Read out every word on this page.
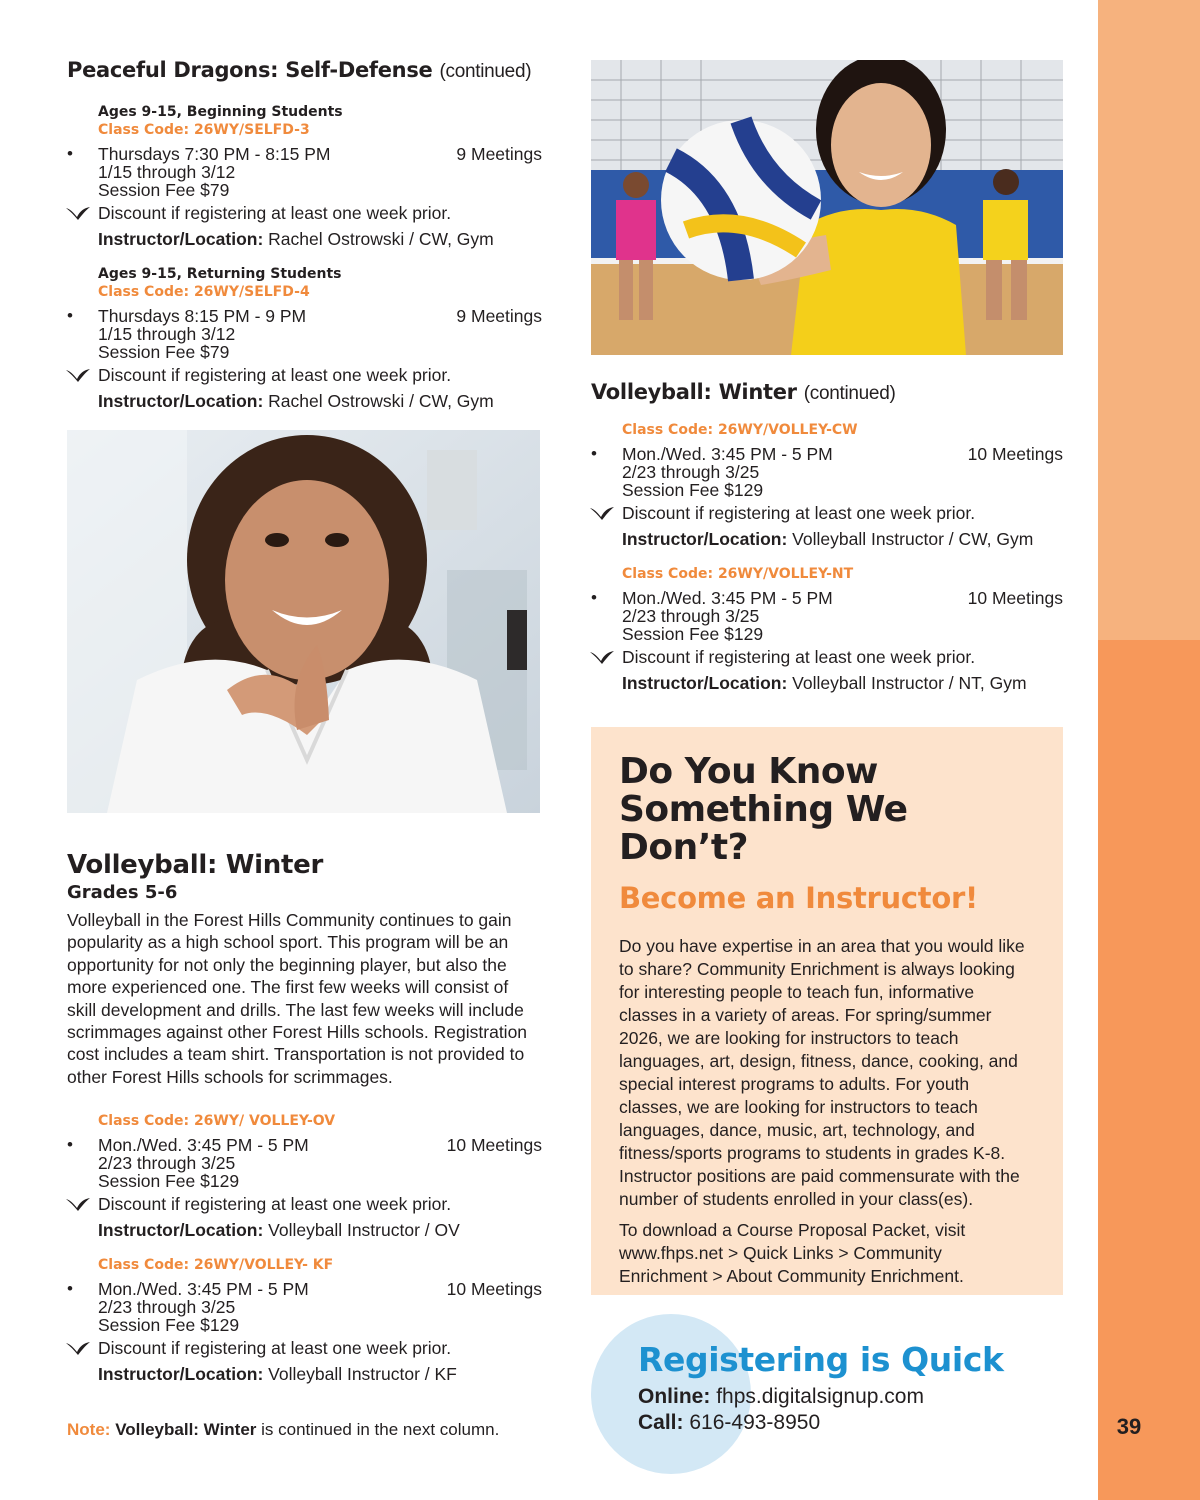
39
Peaceful Dragons: Self-Defense (continued)
Ages 9-15, Beginning Students
Class Code: 26WY/SELFD-3
• Thursdays 7:30 PM - 8:15 PM	9 Meetings
1/15 through 3/12
Session Fee $79
Discount if registering at least one week prior.
Instructor/Location: Rachel Ostrowski / CW, Gym
Ages 9-15, Returning Students
Class Code: 26WY/SELFD-4
• Thursdays 8:15 PM - 9 PM	9 Meetings
1/15 through 3/12
Session Fee $79
Discount if registering at least one week prior.
Instructor/Location: Rachel Ostrowski / CW, Gym
Volleyball: Winter
Grades 5-6
Volleyball in the Forest Hills Community continues to gain popularity as a high school sport. This program will be an opportunity for not only the beginning player, but also the more experienced one. The first few weeks will consist of skill development and drills. The last few weeks will include scrimmages against other Forest Hills schools. Registration cost includes a team shirt. Transportation is not provided to other Forest Hills schools for scrimmages.
Class Code: 26WY/ VOLLEY-OV
• Mon./Wed. 3:45 PM - 5 PM	10 Meetings
2/23 through 3/25
Session Fee $129
Discount if registering at least one week prior.
Instructor/Location: Volleyball Instructor / OV
Class Code: 26WY/VOLLEY- KF
• Mon./Wed. 3:45 PM - 5 PM	10 Meetings
2/23 through 3/25
Session Fee $129
Discount if registering at least one week prior.
Instructor/Location: Volleyball Instructor / KF
Note: Volleyball: Winter is continued in the next column.
Volleyball: Winter (continued)
Class Code: 26WY/VOLLEY-CW
• Mon./Wed. 3:45 PM - 5 PM	10 Meetings
2/23 through 3/25
Session Fee $129
Discount if registering at least one week prior.
Instructor/Location: Volleyball Instructor / CW, Gym
Class Code: 26WY/VOLLEY-NT
• Mon./Wed. 3:45 PM - 5 PM	10 Meetings
2/23 through 3/25
Session Fee $129
Discount if registering at least one week prior.
Instructor/Location: Volleyball Instructor / NT, Gym
Do You Know
Something We Don’t?
Become an Instructor!
Do you have expertise in an area that you would like to share? Community Enrichment is always looking for interesting people to teach fun, informative classes in a variety of areas. For spring/summer 2026, we are looking for instructors to teach languages, art, design, fitness, dance, cooking, and special interest programs to adults. For youth classes, we are looking for instructors to teach languages, dance, music, art, technology, and fitness/sports programs to students in grades K-8. Instructor positions are paid commensurate with the number of students enrolled in your class(es).
To download a Course Proposal Packet, visit www.fhps.net > Quick Links > Community Enrichment > About Community Enrichment.
Registering is Quick
Online: fhps.digitalsignup.com
Call: 616-493-8950
